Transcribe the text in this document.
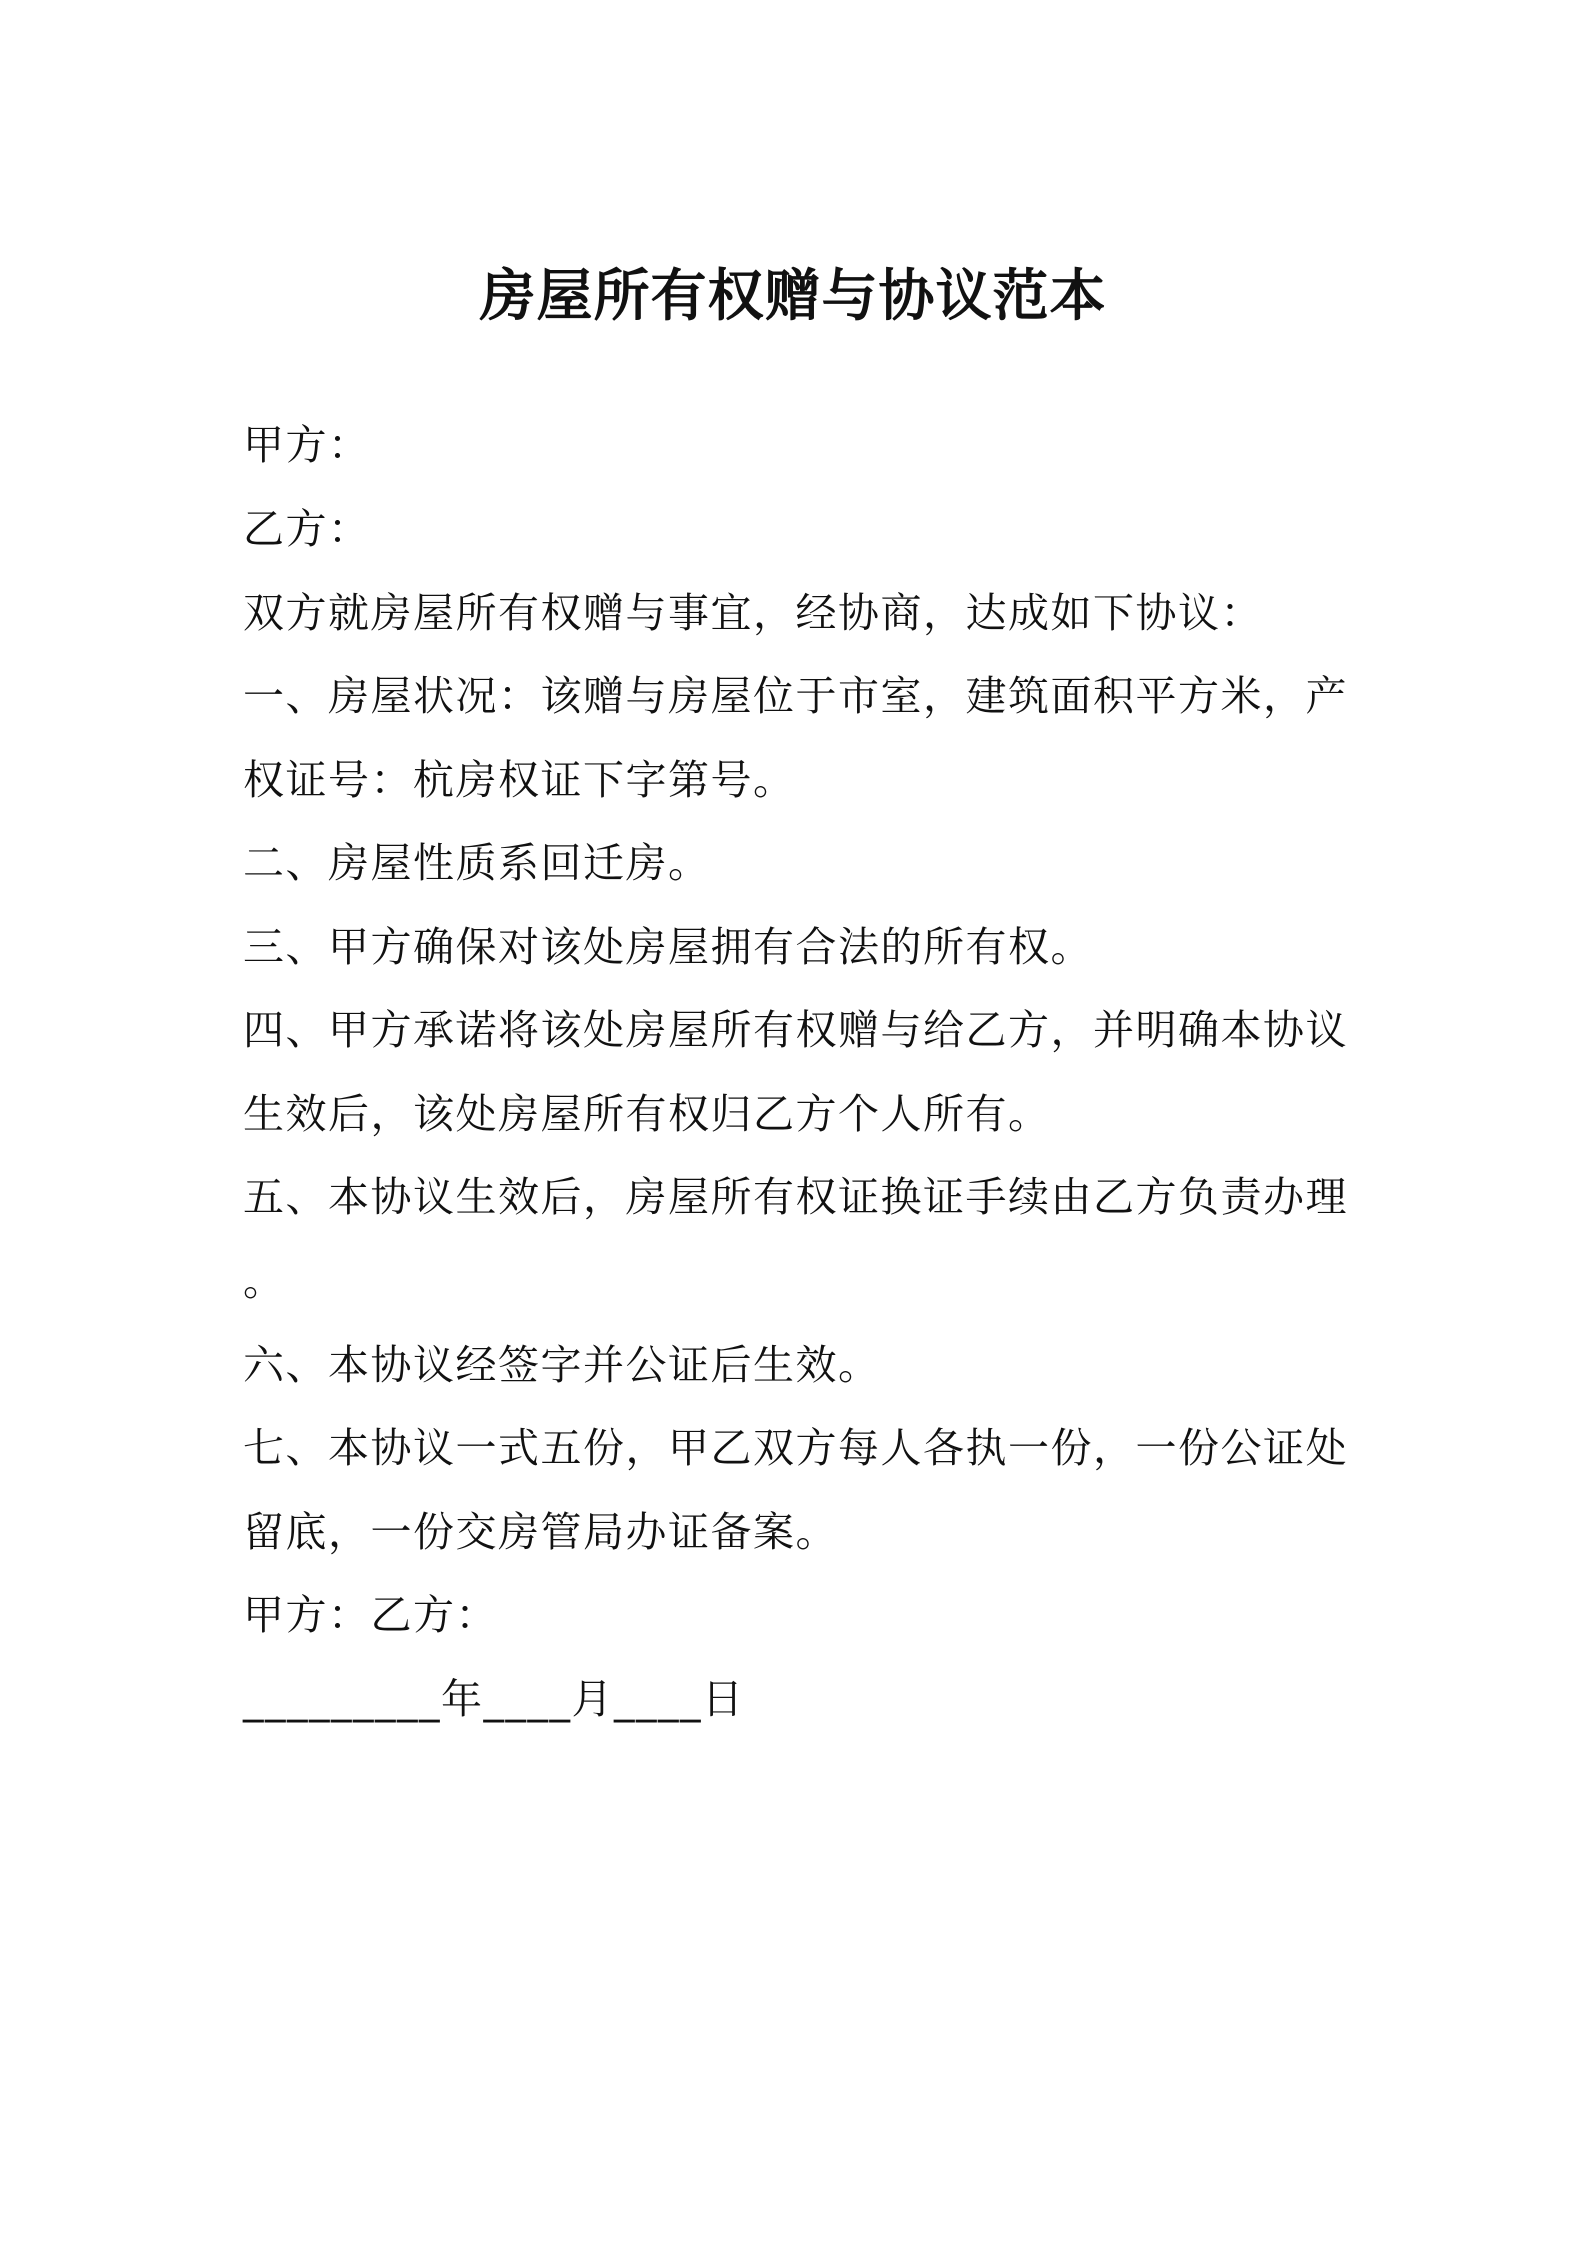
房屋所有权赠与协议范本
甲方：
乙方：
双方就房屋所有权赠与事宜，经协商，达成如下协议：
一、房屋状况：该赠与房屋位于市室，建筑面积平方米，产
权证号：杭房权证下字第号。
二、房屋性质系回迁房。
三、甲方确保对该处房屋拥有合法的所有权。
四、甲方承诺将该处房屋所有权赠与给乙方，并明确本协议
生效后，该处房屋所有权归乙方个人所有。
五、本协议生效后，房屋所有权证换证手续由乙方负责办理
。
六、本协议经签字并公证后生效。
七、本协议一式五份，甲乙双方每人各执一份，一份公证处
留底，一份交房管局办证备案。
甲方：乙方：
_________年____月____日
